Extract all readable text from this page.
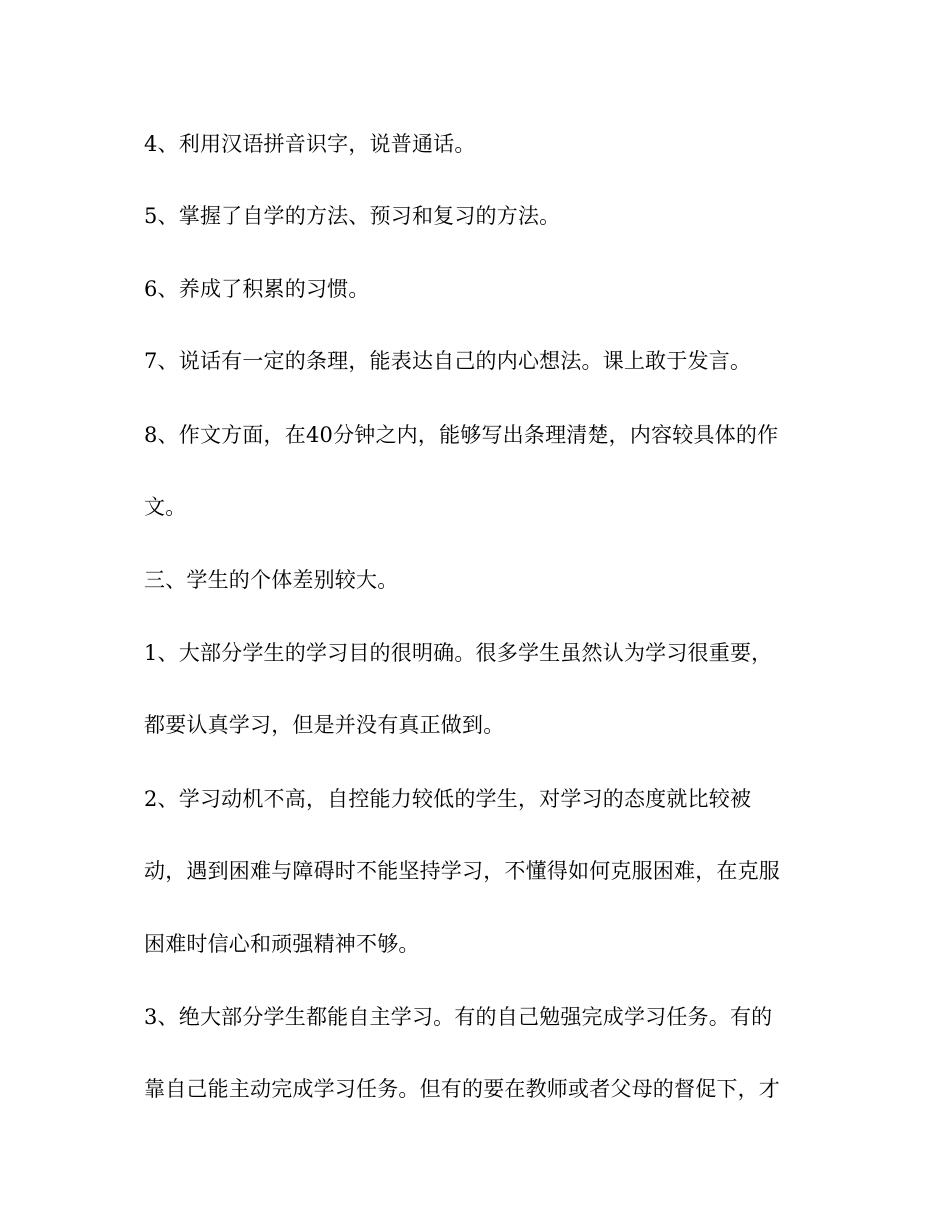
4、利用汉语拼音识字，说普通话。
5、掌握了自学的方法、预习和复习的方法。
6、养成了积累的习惯。
7、说话有一定的条理，能表达自己的内心想法。课上敢于发言。
8、作文方面，在40分钟之内，能够写出条理清楚，内容较具体的作
文。
三、学生的个体差别较大。
1、大部分学生的学习目的很明确。很多学生虽然认为学习很重要，
都要认真学习，但是并没有真正做到。
2、学习动机不高，自控能力较低的学生，对学习的态度就比较被
动，遇到困难与障碍时不能坚持学习，不懂得如何克服困难，在克服
困难时信心和顽强精神不够。
3、绝大部分学生都能自主学习。有的自己勉强完成学习任务。有的
靠自己能主动完成学习任务。但有的要在教师或者父母的督促下，才
